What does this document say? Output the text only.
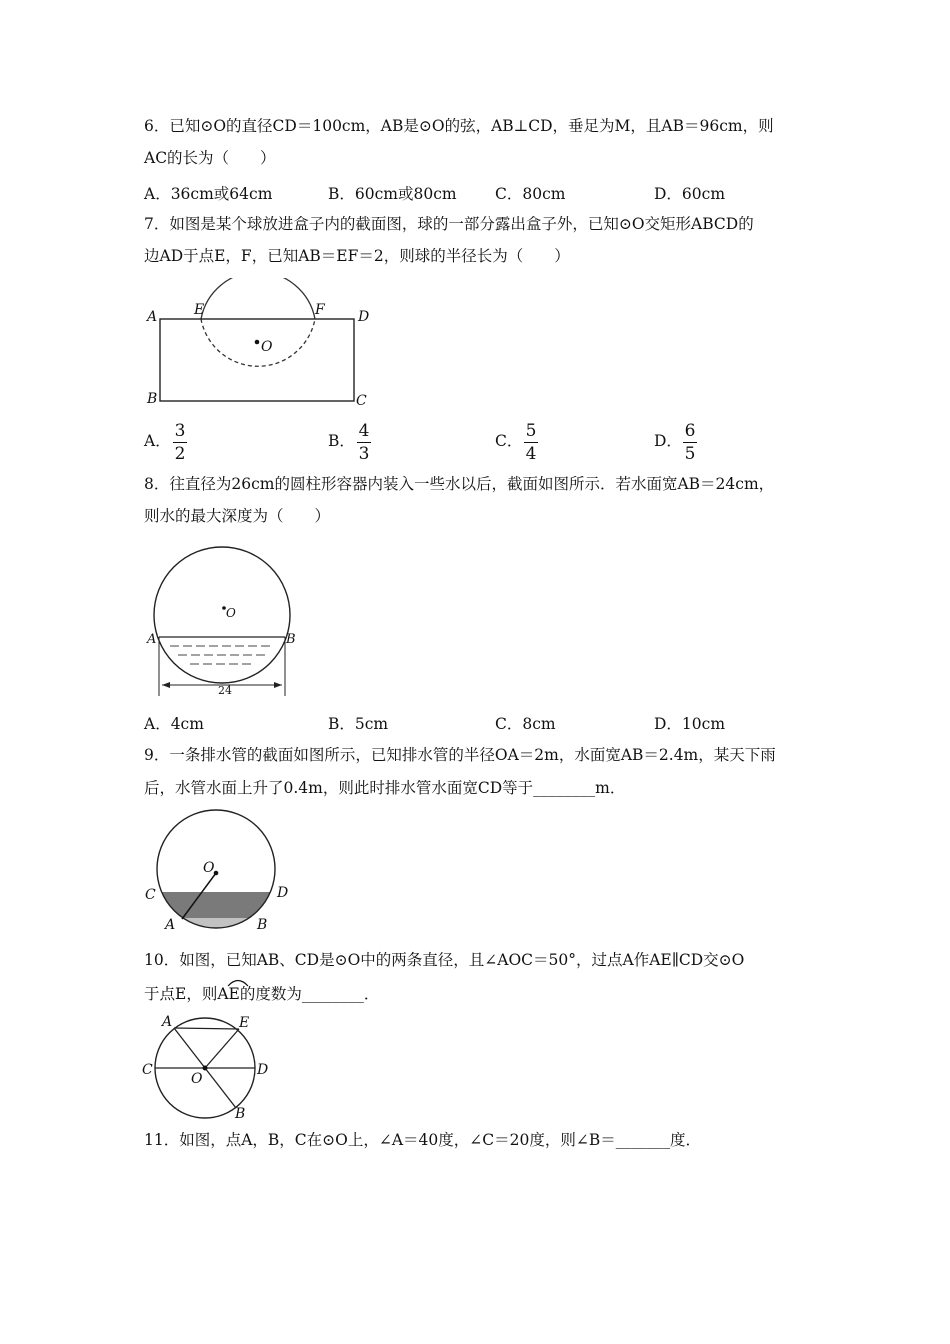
6．已知⊙O的直径CD＝100cm，AB是⊙O的弦，AB⊥CD，垂足为M，且AB＝96cm，则
AC的长为（　　）
A．36cm或64cm	B．60cm或80cm C．80cm	D．60cm
7．如图是某个球放进盒子内的截面图，球的一部分露出盒子外，已知⊙O交矩形ABCD的
边AD于点E，F，已知AB＝EF＝2，则球的半径长为（　　）
A
B	C
D
E	F
O
A． 3
2
B． 4
3
C． 5
4
D． 6
5
8．往直径为26cm的圆柱形容器内装入一些水以后，截面如图所示．若水面宽AB＝24cm，
则水的最大深度为（　　）
O
A	B
24
A．4cm	B．5cm	C．8cm	D．10cm
9．一条排水管的截面如图所示，已知排水管的半径OA＝2m，水面宽AB＝2.4m，某天下雨
后，水管水面上升了0.4m，则此时排水管水面宽CD等于________m．
O
C	D
A	B
10．如图，已知AB、CD是⊙O中的两条直径，且∠AOC＝50°，过点A作AE∥CD交⊙O
于点E，则AE的度数为________．
A	E
C	D
O
B
11．如图，点A，B，C在⊙O上，∠A＝40度，∠C＝20度，则∠B＝_______度．
